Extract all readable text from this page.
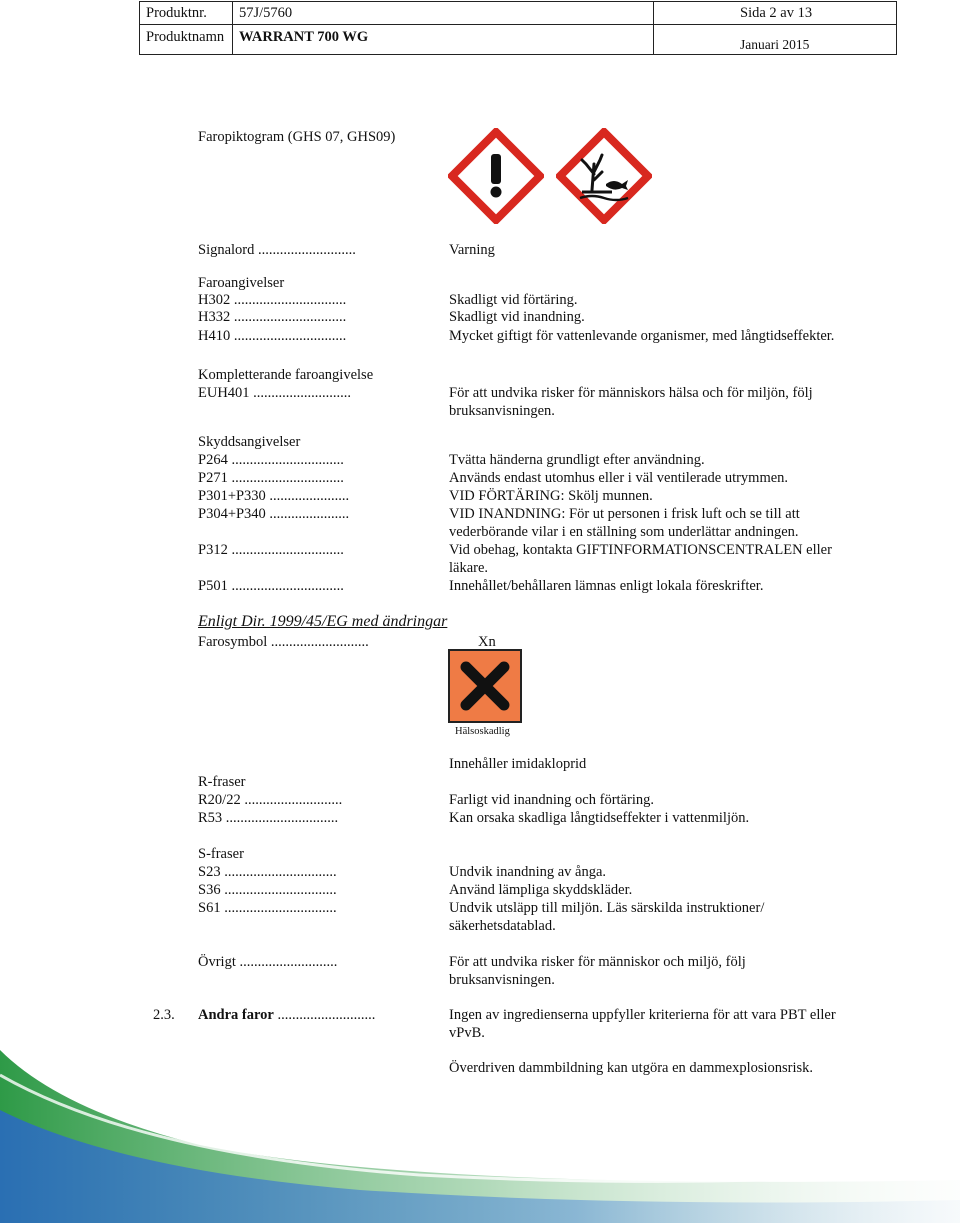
Produktnr. 57J/5760	Sida 2 av 13
Produktnamn WARRANT 700 WG	Januari 2015
Faropiktogram (GHS 07, GHS09)
Signalord ...........................	Varning
Faroangivelser
H302 ...............................	Skadligt vid förtäring.
H332 ...............................	Skadligt vid inandning.
H410 ...............................	Mycket giftigt för vattenlevande organismer, med långtidseffekter.
Kompletterande faroangivelse
EUH401 ...........................	För att undvika risker för människors hälsa och för miljön, följ
bruksanvisningen.
Skyddsangivelser
P264 ...............................	Tvätta händerna grundligt efter användning.
P271 ...............................	Används endast utomhus eller i väl ventilerade utrymmen.
P301+P330 ......................	VID FÖRTÄRING: Skölj munnen.
P304+P340 ......................	VID INANDNING: För ut personen i frisk luft och se till att
vederbörande vilar i en ställning som underlättar andningen.
P312 ...............................	Vid obehag, kontakta GIFTINFORMATIONSCENTRALEN eller
läkare.
P501 ...............................	Innehållet/behållaren lämnas enligt lokala föreskrifter.
Enligt Dir. 1999/45/EG med ändringar
Farosymbol ...........................	Xn
Hälsoskadlig
Innehåller imidakloprid
R-fraser
R20/22 ...........................	Farligt vid inandning och förtäring.
R53 ...............................	Kan orsaka skadliga långtidseffekter i vattenmiljön.
S-fraser
S23 ...............................	Undvik inandning av ånga.
S36 ...............................	Använd lämpliga skyddskläder.
S61 ...............................	Undvik utsläpp till miljön. Läs särskilda instruktioner/
säkerhetsdatablad.
Övrigt ...........................	För att undvika risker för människor och miljö, följ
bruksanvisningen.
2.3. Andra faror ...........................	Ingen av ingredienserna uppfyller kriterierna för att vara PBT eller
vPvB.
Överdriven dammbildning kan utgöra en dammexplosionsrisk.
